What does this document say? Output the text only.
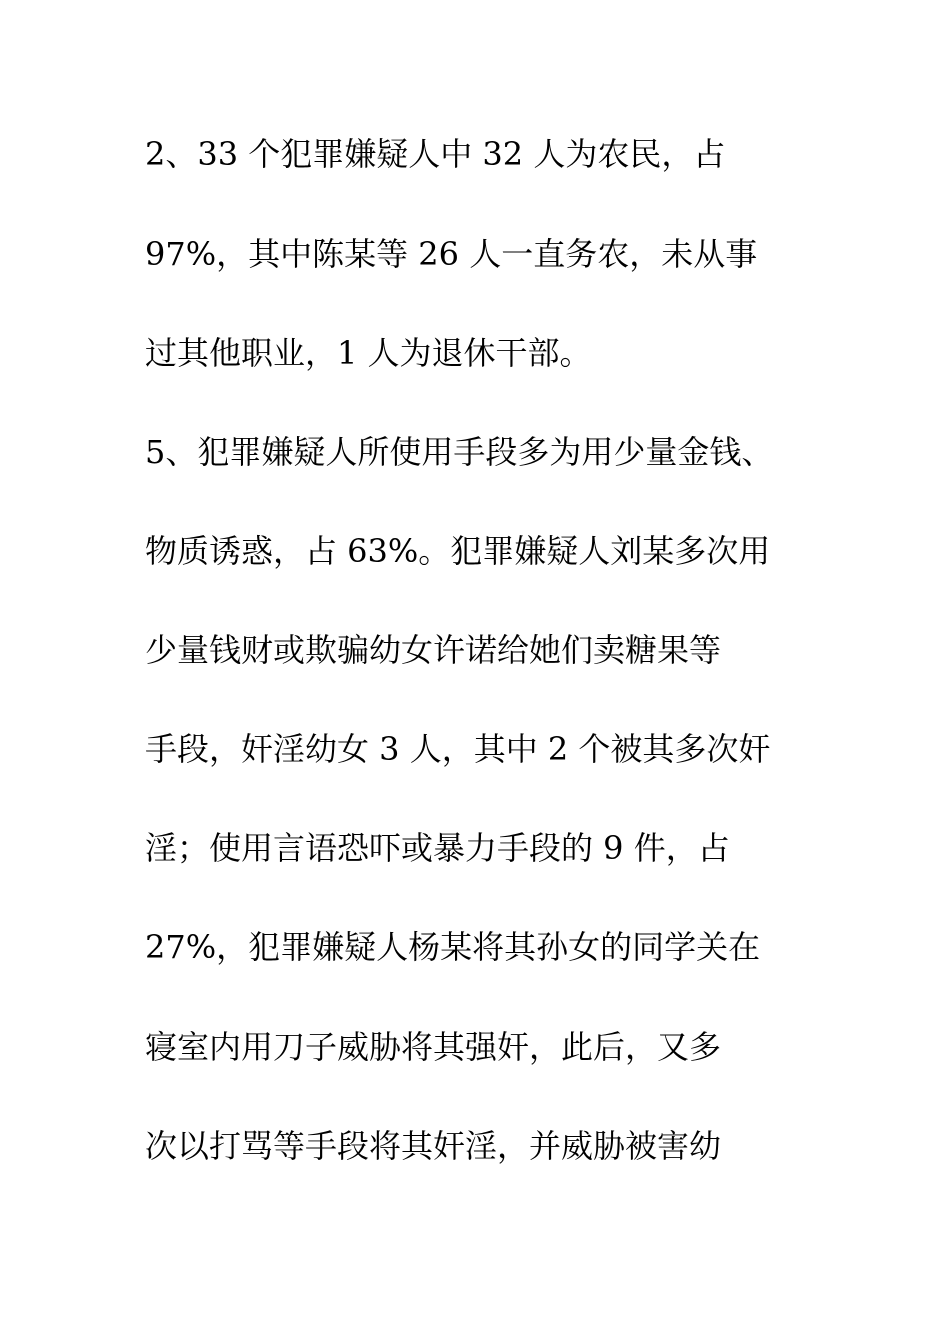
2、33 个犯罪嫌疑人中 32 人为农民，占

97%，其中陈某等 26 人一直务农，未从事

过其他职业，1 人为退休干部。

5、犯罪嫌疑人所使用手段多为用少量金钱、

物质诱惑，占 63%。犯罪嫌疑人刘某多次用

少量钱财或欺骗幼女许诺给她们卖糖果等

手段，奸淫幼女 3 人，其中 2 个被其多次奸

淫；使用言语恐吓或暴力手段的 9 件，占

27%，犯罪嫌疑人杨某将其孙女的同学关在

寝室内用刀子威胁将其强奸，此后，又多

次以打骂等手段将其奸淫，并威胁被害幼
